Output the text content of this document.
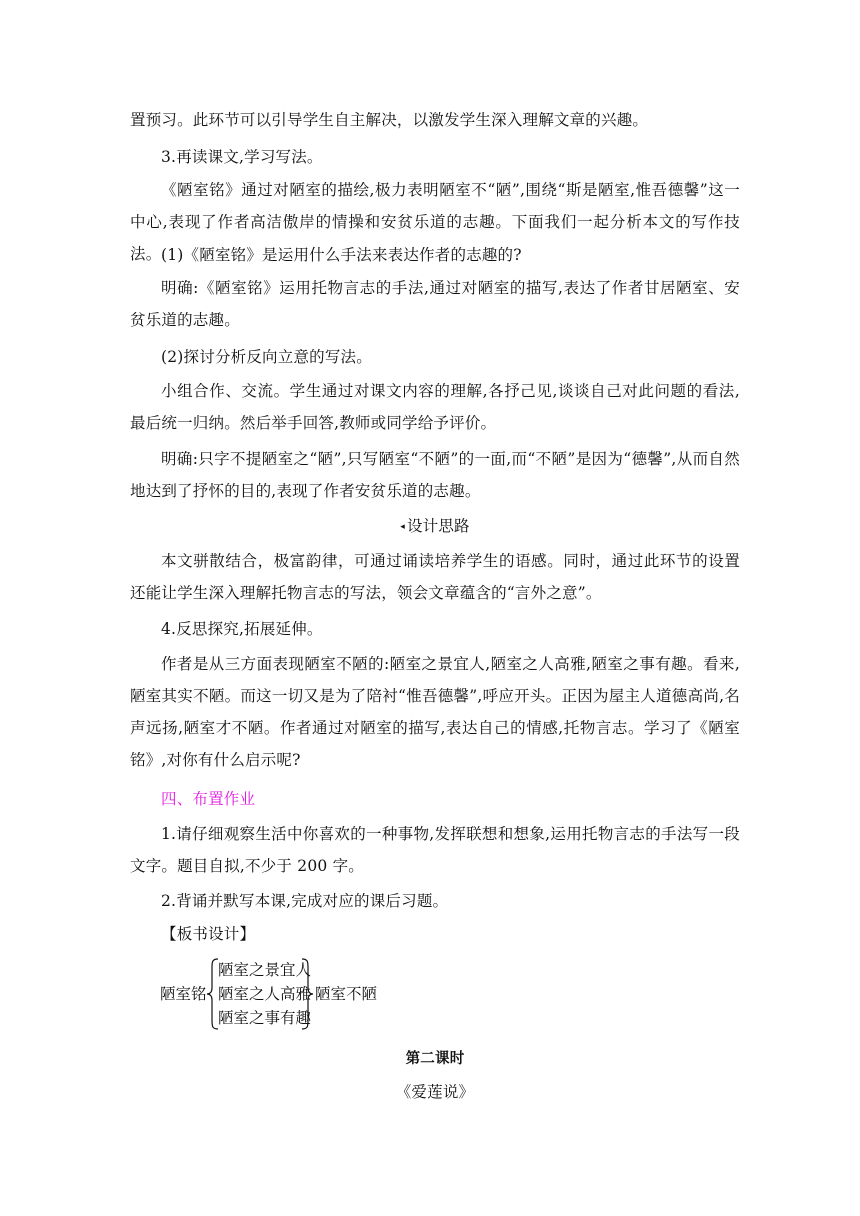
置预习。此环节可以引导学生自主解决，以激发学生深入理解文章的兴趣。
3.再读课文,学习写法。
《陋室铭》通过对陋室的描绘,极力表明陋室不“陋”,围绕“斯是陋室,惟吾德馨”这一中心,表现了作者高洁傲岸的情操和安贫乐道的志趣。下面我们一起分析本文的写作技法。 (1)《陋室铭》是运用什么手法来表达作者的志趣的?
明确:《陋室铭》运用托物言志的手法,通过对陋室的描写,表达了作者甘居陋室、安贫乐道的志趣。
(2)探讨分析反向立意的写法。
小组合作、交流。学生通过对课文内容的理解,各抒己见,谈谈自己对此问题的看法,最后统一归纳。然后举手回答,教师或同学给予评价。
明确:只字不提陋室之“陋”,只写陋室“不陋”的一面,而“不陋”是因为“德馨”,从而自然地达到了抒怀的目的,表现了作者安贫乐道的志趣。
◂ 设计思路
本文骈散结合，极富韵律，可通过诵读培养学生的语感。同时，通过此环节的设置还能让学生深入理解托物言志的写法，领会文章蕴含的“言外之意”。
4.反思探究,拓展延伸。
作者是从三方面表现陋室不陋的:陋室之景宜人,陋室之人高雅,陋室之事有趣。看来,陋室其实不陋。而这一切又是为了陪衬“惟吾德馨”,呼应开头。正因为屋主人道德高尚,名声远扬,陋室才不陋。作者通过对陋室的描写,表达自己的情感,托物言志。学习了《陋室铭》,对你有什么启示呢?
四、布置作业
1.请仔细观察生活中你喜欢的一种事物,发挥联想和想象,运用托物言志的手法写一段文字。题目自拟,不少于 200 字。
2.背诵并默写本课,完成对应的课后习题。
【板书设计】
陋室铭
陋室之景宜人
陋室之人高雅
陋室之事有趣
陋室不陋
第二课时
《爱莲说》
